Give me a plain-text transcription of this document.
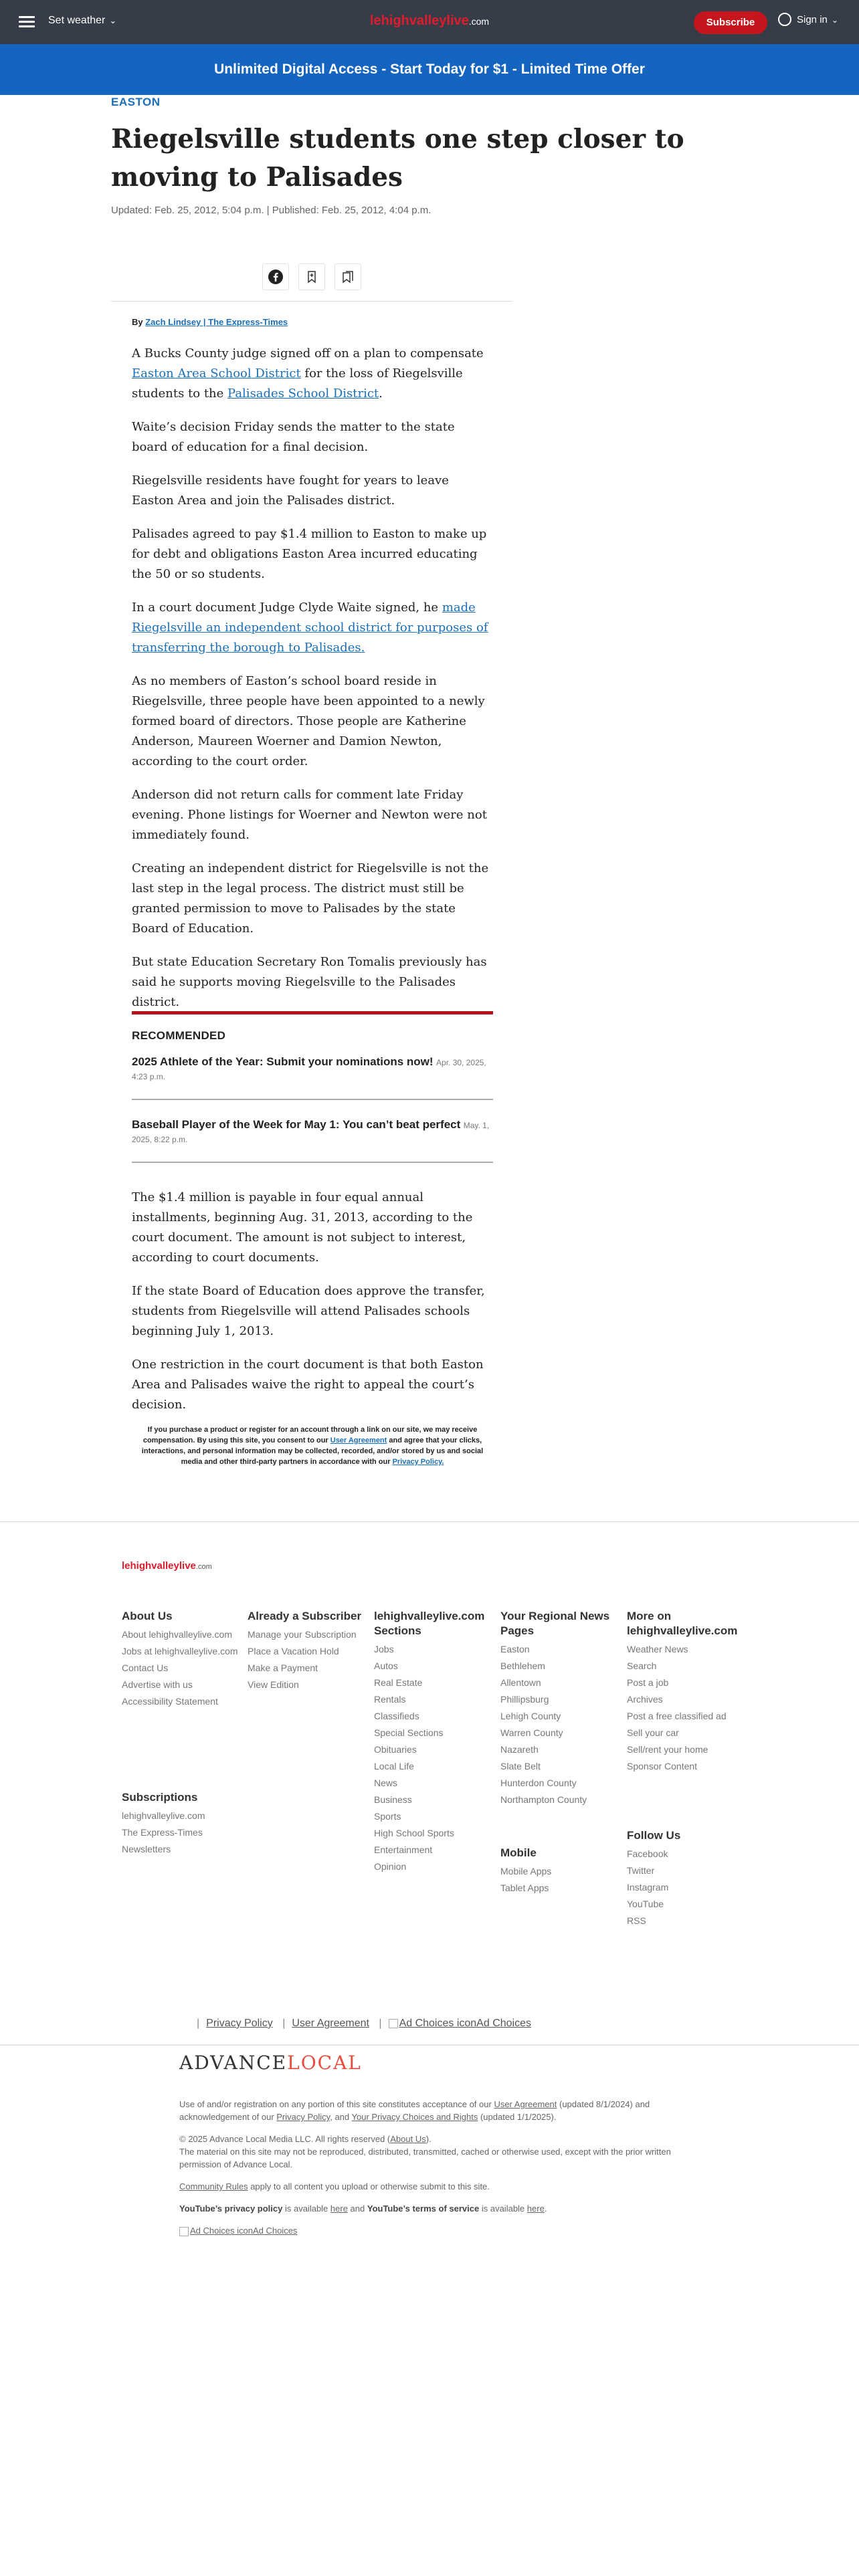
Set weather ⌄	lehighvalleylive.com	Subscribe	Sign in ⌄
Unlimited Digital Access - Start Today for $1 - Limited Time Offer
EASTON
Riegelsville students one step closer to moving to Palisades
Updated: Feb. 25, 2012, 5:04 p.m. | Published: Feb. 25, 2012, 4:04 p.m.
By Zach Lindsey | The Express-Times

A Bucks County judge signed off on a plan to compensate Easton Area School District for the loss of Riegelsville students to the Palisades School District.

Waite’s decision Friday sends the matter to the state board of education for a final decision.

Riegelsville residents have fought for years to leave Easton Area and join the Palisades district.

Palisades agreed to pay $1.4 million to Easton to make up for debt and obligations Easton Area incurred educating the 50 or so students.

In a court document Judge Clyde Waite signed, he made Riegelsville an independent school district for purposes of transferring the borough to Palisades.

As no members of Easton’s school board reside in Riegelsville, three people have been appointed to a newly formed board of directors. Those people are Katherine Anderson, Maureen Woerner and Damion Newton, according to the court order.

Anderson did not return calls for comment late Friday evening. Phone listings for Woerner and Newton were not immediately found.

Creating an independent district for Riegelsville is not the last step in the legal process. The district must still be granted permission to move to Palisades by the state Board of Education.

But state Education Secretary Ron Tomalis previously has said he supports moving Riegelsville to the Palisades district.

RECOMMENDED
2025 Athlete of the Year: Submit your nominations now! Apr. 30, 2025, 4:23 p.m.
Baseball Player of the Week for May 1: You can’t beat perfect May. 1, 2025, 8:22 p.m.

The $1.4 million is payable in four equal annual installments, beginning Aug. 31, 2013, according to the court document. The amount is not subject to interest, according to court documents.

If the state Board of Education does approve the transfer, students from Riegelsville will attend Palisades schools beginning July 1, 2013.

One restriction in the court document is that both Easton Area and Palisades waive the right to appeal the court’s decision.

If you purchase a product or register for an account through a link on our site, we may receive compensation. By using this site, you consent to our User Agreement and agree that your clicks, interactions, and personal information may be collected, recorded, and/or stored by us and social media and other third-party partners in accordance with our Privacy Policy.
lehighvalleylive.com
About Us
About lehighvalleylive.com
Jobs at lehighvalleylive.com
Contact Us
Advertise with us
Accessibility Statement
Subscriptions
lehighvalleylive.com
The Express-Times
Newsletters
Already a Subscriber
Manage your Subscription
Place a Vacation Hold
Make a Payment
View Edition
lehighvalleylive.com Sections
Jobs
Autos
Real Estate
Rentals
Classifieds
Special Sections
Obituaries
Local Life
News
Business
Sports
High School Sports
Entertainment
Opinion
Your Regional News Pages
Easton
Bethlehem
Allentown
Phillipsburg
Lehigh County
Warren County
Nazareth
Slate Belt
Hunterdon County
Northampton County
Mobile
Mobile Apps
Tablet Apps
More on lehighvalleylive.com
Weather News
Search
Post a job
Archives
Post a free classified ad
Sell your car
Sell/rent your home
Sponsor Content
Follow Us
Facebook
Twitter
Instagram
YouTube
RSS
| Privacy Policy | User Agreement | Ad Choices iconAd Choices
ADVANCELOCAL

Use of and/or registration on any portion of this site constitutes acceptance of our User Agreement (updated 8/1/2024) and acknowledgement of our Privacy Policy, and Your Privacy Choices and Rights (updated 1/1/2025).

© 2025 Advance Local Media LLC. All rights reserved (About Us).
The material on this site may not be reproduced, distributed, transmitted, cached or otherwise used, except with the prior written permission of Advance Local.

Community Rules apply to all content you upload or otherwise submit to this site.

YouTube’s privacy policy is available here and YouTube’s terms of service is available here.

Ad Choices iconAd Choices
